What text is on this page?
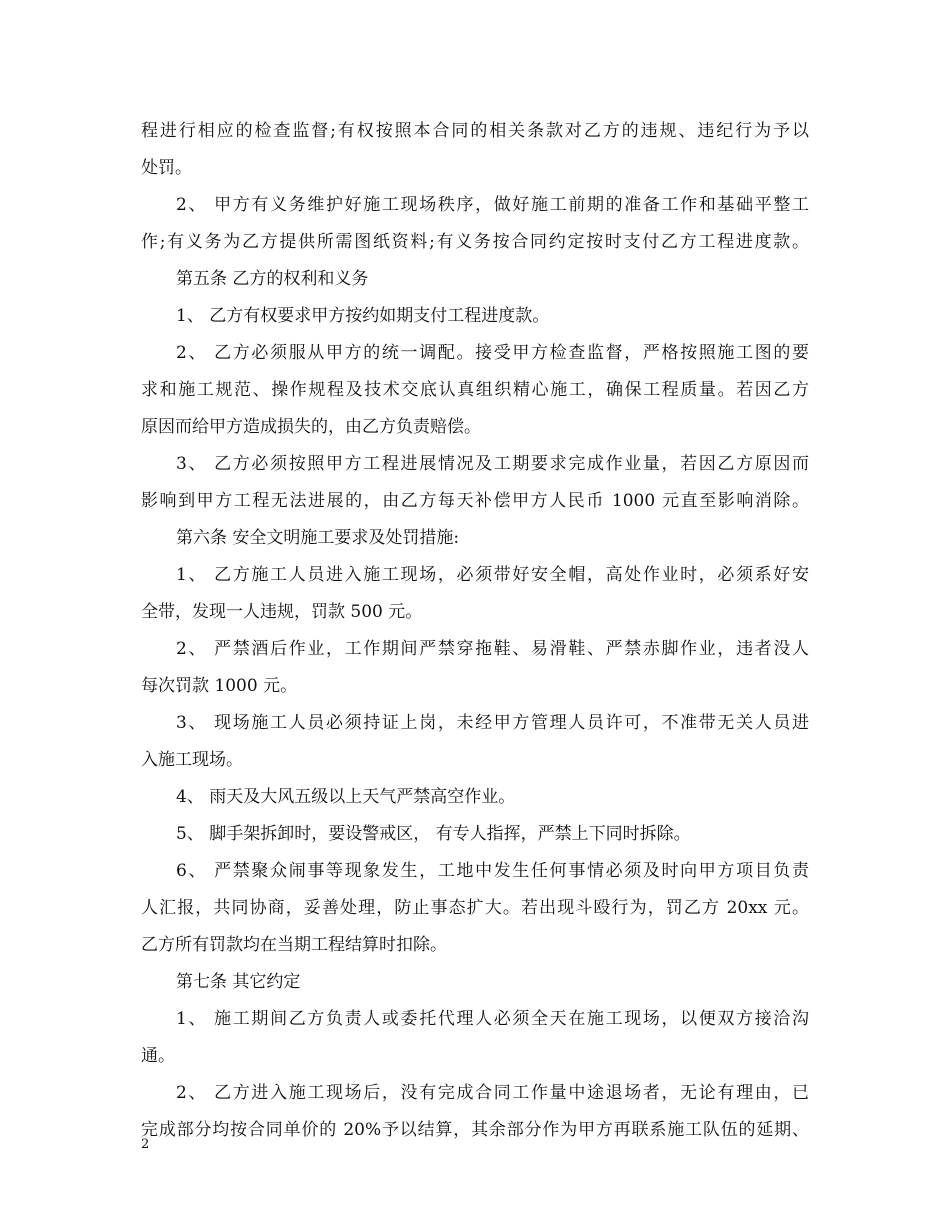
程进行相应的检查监督;有权按照本合同的相关条款对乙方的违规、违纪行为予以
处罚。
2、 甲方有义务维护好施工现场秩序，做好施工前期的准备工作和基础平整工
作;有义务为乙方提供所需图纸资料;有义务按合同约定按时支付乙方工程进度款。
第五条 乙方的权利和义务
1、 乙方有权要求甲方按约如期支付工程进度款。
2、 乙方必须服从甲方的统一调配。接受甲方检查监督，严格按照施工图的要
求和施工规范、操作规程及技术交底认真组织精心施工，确保工程质量。若因乙方
原因而给甲方造成损失的，由乙方负责赔偿。
3、 乙方必须按照甲方工程进展情况及工期要求完成作业量，若因乙方原因而
影响到甲方工程无法进展的，由乙方每天补偿甲方人民币 1000 元直至影响消除。
第六条 安全文明施工要求及处罚措施:
1、 乙方施工人员进入施工现场，必须带好安全帽，高处作业时，必须系好安
全带，发现一人违规，罚款 500 元。
2、 严禁酒后作业，工作期间严禁穿拖鞋、易滑鞋、严禁赤脚作业，违者没人
每次罚款 1000 元。
3、 现场施工人员必须持证上岗，未经甲方管理人员许可，不准带无关人员进
入施工现场。
4、 雨天及大风五级以上天气严禁高空作业。
5、 脚手架拆卸时，要设警戒区， 有专人指挥，严禁上下同时拆除。
6、 严禁聚众闹事等现象发生，工地中发生任何事情必须及时向甲方项目负责
人汇报，共同协商，妥善处理，防止事态扩大。若出现斗殴行为，罚乙方 20xx 元。
乙方所有罚款均在当期工程结算时扣除。
第七条 其它约定
1、 施工期间乙方负责人或委托代理人必须全天在施工现场，以便双方接洽沟
通。
2、 乙方进入施工现场后，没有完成合同工作量中途退场者，无论有理由，已
完成部分均按合同单价的 20%予以结算，其余部分作为甲方再联系施工队伍的延期、
2
